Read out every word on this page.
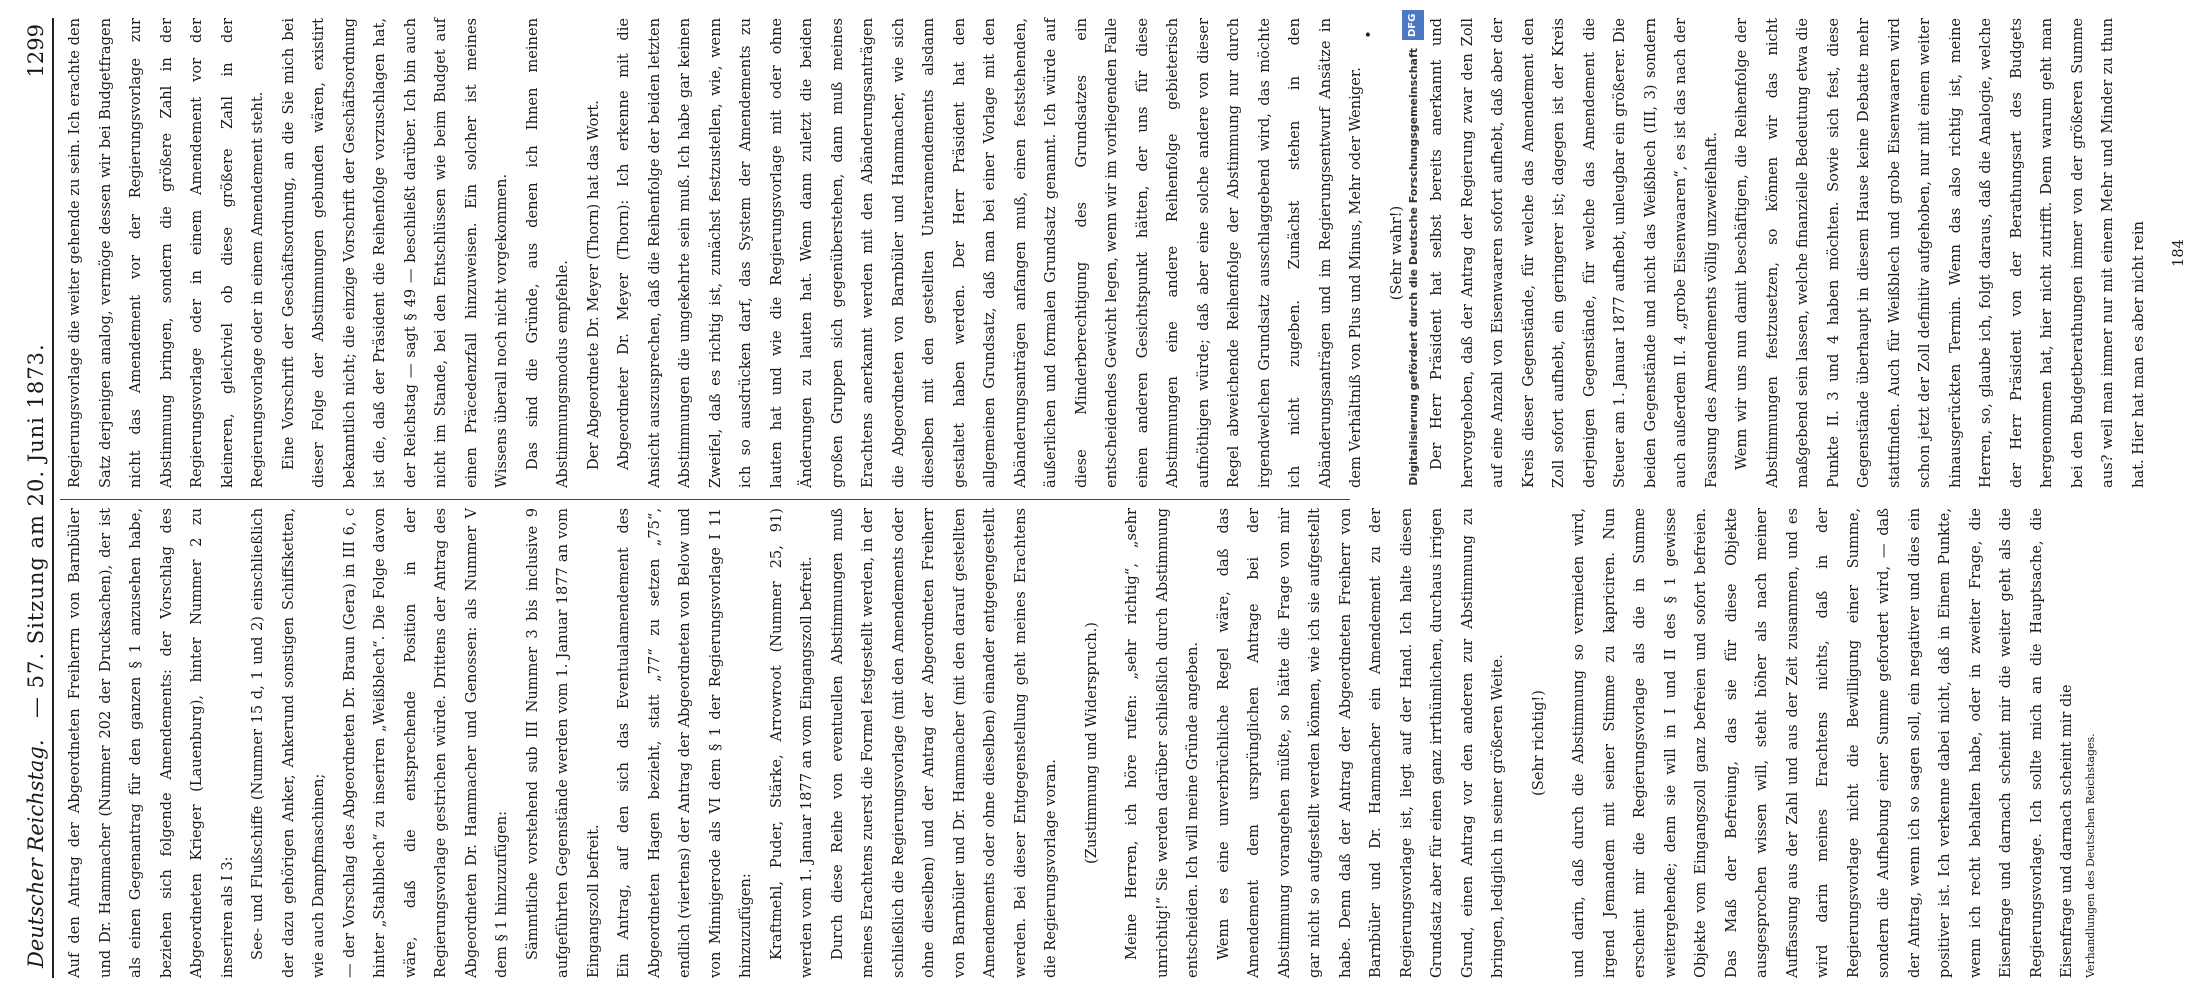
Deutscher Reichstag.
— 57. Sitzung am 20. Juni 1873.
1299

Auf den Antrag der Abgeordneten Freiherrn von Barnbüler und Dr. Hammacher (Nummer 202 der Drucksachen), der ist als einen Gegenantrag für den ganzen § 1 anzusehen habe, beziehen sich folgende Amendements: der Vorschlag des Abgeordneten Krieger (Lauenburg), hinter Nummer 2 zu inseriren als I 3: See- und Flußschiffe (Nummer 15 d, 1 und 2) einschließlich der dazu gehörigen Anker, Ankerund sonstigen Schiffsketten, wie auch Dampfmaschinen; — der Vorschlag des Abgeordneten Dr. Braun (Gera) in III 6, c hinter „Stahlblech“ zu inseriren „Weißblech“. Die Folge davon wäre, daß die entsprechende Position in der Regierungsvorlage gestrichen würde. Drittens der Antrag des Abgeordneten Dr. Hammacher und Genossen: als Nummer V dem § 1 hinzuzufügen: Sämmtliche vorstehend sub III Nummer 3 bis inclusive 9 aufgeführten Gegenstände werden vom 1. Januar 1877 an vom Eingangszoll befreit. Ein Antrag, auf den sich das Eventualamendement des Abgeordneten Hagen bezieht, statt „77“ zu setzen „75“, endlich (viertens) der Antrag der Abgeordneten von Below und von Minnigerode als VI dem § 1 der Regierungsvorlage I 11 hinzuzufügen: Kraftmehl, Puder, Stärke, Arrowroot (Nummer 25, 91) werden vom 1. Januar 1877 an vom Eingangszoll befreit. Durch diese Reihe von eventuellen Abstimmungen muß meines Erachtens zuerst die Formel festgestellt werden, in der schließlich die Regierungsvorlage (mit den Amendements oder ohne dieselben) und der Antrag der Abgeordneten Freiherr von Barnbüler und Dr. Hammacher (mit den darauf gestellten Amendements oder ohne dieselben) einander entgegengestellt werden. Bei dieser Entgegenstellung geht meines Erachtens die Regierungsvorlage voran.

(Zustimmung und Widerspruch.)	Meine Herren, ich höre rufen: „sehr richtig“, „sehr unrichtig!“ Sie werden darüber schließlich durch Abstimmung entscheiden. Ich will meine Gründe angeben. Wenn es eine unverbrüchliche Regel wäre, daß das Amendement dem ursprünglichen Antrage bei der Abstimmung vorangehen müßte, so hätte die Frage von mir gar nicht so aufgestellt werden können, wie ich sie aufgestellt habe. Denn daß der Antrag der Abgeordneten Freiherr von Barnbüler und Dr. Hammacher ein Amendement zu der Regierungsvorlage ist, liegt auf der Hand. Ich halte diesen Grundsatz aber für einen ganz irrthümlichen, durchaus irrigen Grund, einen Antrag vor den anderen zur Abstimmung zu bringen, lediglich in seiner größeren Weite.	(Sehr richtig!)	und darin, daß durch die Abstimmung so vermieden wird, irgend Jemandem mit seiner Stimme zu kapriciren. Nun erscheint mir die Regierungsvorlage als die in Summe weitergehende; denn sie will in I und II des § 1 gewisse Objekte vom Eingangszoll ganz befreien und sofort befreien. Das Maß der Befreiung, das sie für diese Objekte ausgesprochen wissen will, steht höher als nach meiner Auffassung aus der Zahl und aus der Zeit zusammen, und es wird darin meines Erachtens nichts, daß in der Regierungsvorlage nicht die Bewilligung einer Summe, sondern die Aufhebung einer Summe gefordert wird, — daß der Antrag, wenn ich so sagen soll, ein negativer und dies ein positiver ist. Ich verkenne dabei nicht, daß in Einem Punkte, wenn ich recht behalten habe, oder in zweiter Frage, die Eisenfrage und darnach scheint mir die weiter geht als die Regierungsvorlage. Ich sollte mich an die Hauptsache, die Eisenfrage und darnach scheint mir die Verhandlungen des Deutschen Reichstages.

Regierungsvorlage die weiter gehende zu sein. Ich erachte den Satz derjenigen analog, vermöge dessen wir bei Budgetfragen nicht das Amendement vor der Regierungsvorlage zur Abstimmung bringen, sondern die größere Zahl in der Regierungsvorlage oder in einem Amendement vor der kleineren, gleichviel ob diese größere Zahl in der Regierungsvorlage oder in einem Amendement steht. Eine Vorschrift der Geschäftsordnung, an die Sie mich bei dieser Folge der Abstimmungen gebunden wären, existirt bekanntlich nicht; die einzige Vorschrift der Geschäftsordnung ist die, daß der Präsident die Reihenfolge vorzuschlagen hat, der Reichstag — sagt § 49 — beschließt darüber. Ich bin auch nicht im Stande, bei den Entschlüssen wie beim Budget auf einen Präcedenzfall hinzuweisen. Ein solcher ist meines Wissens überall noch nicht vorgekommen. Das sind die Gründe, aus denen ich Ihnen meinen Abstimmungsmodus empfehle. Der Abgeordnete Dr. Meyer (Thorn) hat das Wort. Abgeordneter Dr. Meyer (Thorn): Ich erkenne mit die Ansicht auszusprechen, daß die Reihenfolge der beiden letzten Abstimmungen die umgekehrte sein muß. Ich habe gar keinen Zweifel, daß es richtig ist, zunächst festzustellen, wie, wenn ich so ausdrücken darf, das System der Amendements zu lauten hat und wie die Regierungsvorlage mit oder ohne Änderungen zu lauten hat. Wenn dann zuletzt die beiden großen Gruppen sich gegenüberstehen, dann muß meines Erachtens anerkannt werden mit den Abänderungsanträgen die Abgeordneten von Barnbüler und Hammacher, wie sich dieselben mit den gestellten Unteramendements alsdann gestaltet haben werden. Der Herr Präsident hat den allgemeinen Grundsatz, daß man bei einer Vorlage mit den Abänderungsanträgen anfangen muß, einen feststehenden, äußerlichen und formalen Grundsatz genannt. Ich würde auf diese Minderberechtigung des Grundsatzes ein entscheidendes Gewicht legen, wenn wir im vorliegenden Falle einen anderen Gesichtspunkt hätten, der uns für diese Abstimmungen eine andere Reihenfolge gebieterisch aufnöthigen würde; daß aber eine solche andere von dieser Regel abweichende Reihenfolge der Abstimmung nur durch irgendwelchen Grundsatz ausschlaggebend wird, das möchte ich nicht zugeben. Zunächst stehen in den Abänderungsanträgen und im Regierungsentwurf Ansätze in dem Verhältniß von Plus und Minus, Mehr oder Weniger.	(Sehr wahr!)	Der Herr Präsident hat selbst bereits anerkannt und hervorgehoben, daß der Antrag der Regierung zwar den Zoll auf eine Anzahl von Eisenwaaren sofort aufhebt, daß aber der Kreis dieser Gegenstände, für welche das Amendement den Zoll sofort aufhebt, ein geringerer ist; dagegen ist der Kreis derjenigen Gegenstände, für welche das Amendement die Steuer am 1. Januar 1877 aufhebt, unleugbar ein größerer. Die beiden Gegenstände und nicht das Weißblech (III, 3) sondern auch außerdem II. 4 „grobe Eisenwaaren“, es ist das nach der Fassung des Amendements völlig unzweifelhaft. Wenn wir uns nun damit beschäftigen, die Reihenfolge der Abstimmungen festzusetzen, so können wir das nicht maßgebend sein lassen, welche finanzielle Bedeutung etwa die Punkte II. 3 und 4 haben möchten. Sowie sich fest, diese Gegenstände überhaupt in diesem Hause keine Debatte mehr stattfinden. Auch für Weißblech und grobe Eisenwaaren wird schon jetzt der Zoll definitiv aufgehoben, nur mit einem weiter hinausgerückten Termin. Wenn das also richtig ist, meine Herren, so, glaube ich, folgt daraus, daß die Analogie, welche der Herr Präsident von der Berathungsart des Budgets hergenommen hat, hier nicht zutrifft. Denn warum geht man bei den Budgetberathungen immer von der größeren Summe aus? weil man immer nur mit einem Mehr und Minder zu thun hat. Hier hat man es aber nicht rein	184

•	DFG
Digitalisierung gefördert durch die Deutsche Forschungsgemeinschaft
